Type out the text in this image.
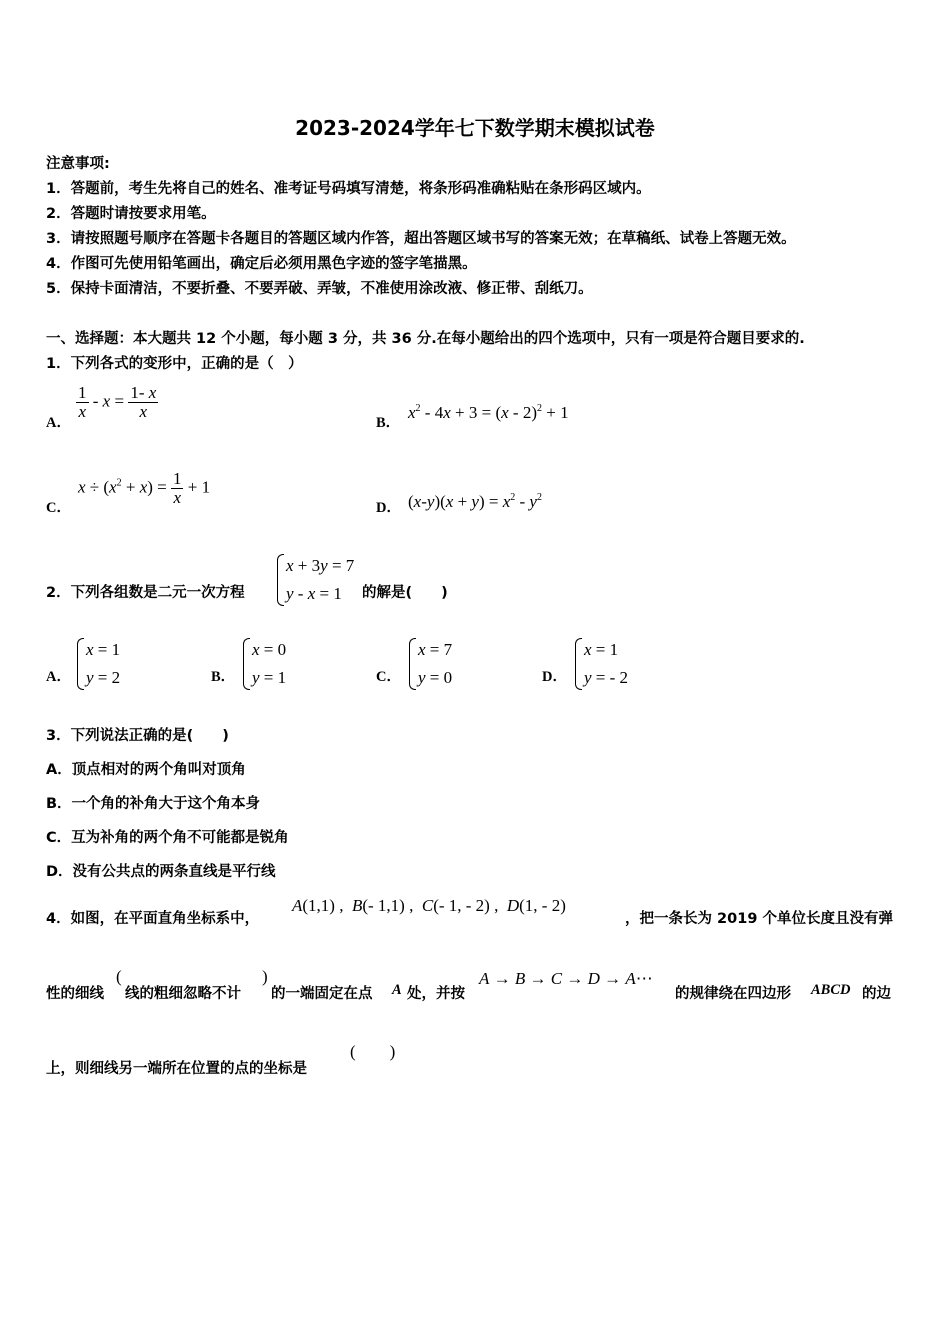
2023-2024学年七下数学期末模拟试卷
注意事项:
1．答题前，考生先将自己的姓名、准考证号码填写清楚，将条形码准确粘贴在条形码区域内。
2．答题时请按要求用笔。
3．请按照题号顺序在答题卡各题目的答题区域内作答，超出答题区域书写的答案无效；在草稿纸、试卷上答题无效。
4．作图可先使用铅笔画出，确定后必须用黑色字迹的签字笔描黑。
5．保持卡面清洁，不要折叠、不要弄破、弄皱，不准使用涂改液、修正带、刮纸刀。
一、选择题：本大题共 12 个小题，每小题 3 分，共 36 分.在每小题给出的四个选项中，只有一项是符合题目要求的.
1．下列各式的变形中，正确的是（　）
A．
$\frac{1}{x} - x = \frac{1- x}{x}$
B．
$x^2 - 4x + 3 = (x - 2)^2 + 1$
C．
$x \div (x^2 + x) = \frac{1}{x} + 1$
D． $(x-y)(x + y) = x^2 - y^2$
2．下列各组数是二元一次方程
x + 3y = 7
y - x = 1	的解是(　　)
A．
x = 1
y = 2	B．
x = 0
y = 1	C．
x = 7
y = 0	D．
x = 1
y = - 2
3．下列说法正确的是(　　)
A．顶点相对的两个角叫对顶角
B．一个角的补角大于这个角本身
C．互为补角的两个角不可能都是锐角
D．没有公共点的两条直线是平行线
4．如图，在平面直角坐标系中，
A(1,1) ,  B(- 1,1) ,  C(- 1, - 2) ,  D(1, - 2)
，把一条长为 2019 个单位长度且没有弹
性的细线
(
线的粗细忽略不计
)
的一端固定在点 A 处，并按
A → B → C → D → A⋯
的规律绕在四边形 ABCD 的边
上，则细线另一端所在位置的点的坐标是
(        )
